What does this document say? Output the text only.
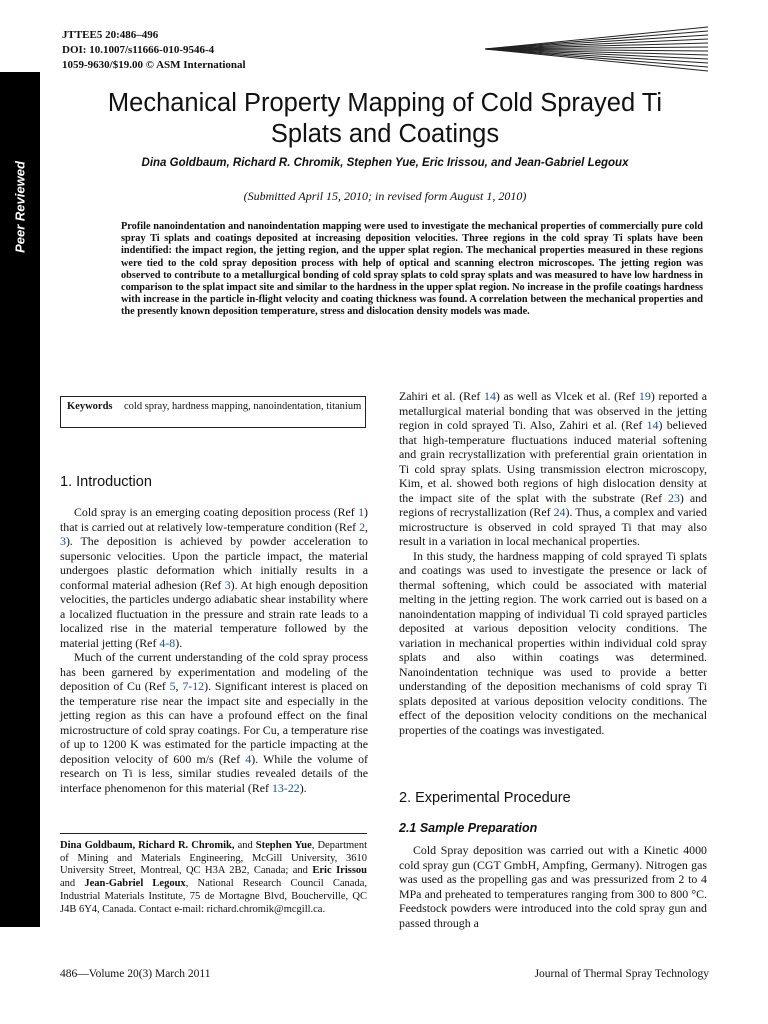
Peer Reviewed
JTTEE5 20:486–496
DOI: 10.1007/s11666-010-9546-4
1059-9630/$19.00 © ASM International
Mechanical Property Mapping of Cold Sprayed Ti Splats and Coatings
Dina Goldbaum, Richard R. Chromik, Stephen Yue, Eric Irissou, and Jean-Gabriel Legoux
(Submitted April 15, 2010; in revised form August 1, 2010)

Profile nanoindentation and nanoindentation mapping were used to investigate the mechanical properties of commercially pure cold spray Ti splats and coatings deposited at increasing deposition velocities. Three regions in the cold spray Ti splats have been indentified: the impact region, the jetting region, and the upper splat region. The mechanical properties measured in these regions were tied to the cold spray deposition process with help of optical and scanning electron microscopes. The jetting region was observed to contribute to a metallurgical bonding of cold spray splats to cold spray splats and was measured to have low hardness in comparison to the splat impact site and similar to the hardness in the upper splat region. No increase in the profile coatings hardness with increase in the particle in-flight velocity and coating thickness was found. A correlation between the mechanical properties and the presently known deposition temperature, stress and dislocation density models was made.

Keywords cold spray, hardness mapping, nanoindentation, titanium
1. Introduction

Cold spray is an emerging coating deposition process (Ref 1) that is carried out at relatively low-temperature condition (Ref 2, 3). The deposition is achieved by powder acceleration to supersonic velocities. Upon the particle impact, the material undergoes plastic deformation which initially results in a conformal material adhesion (Ref 3). At high enough deposition velocities, the particles undergo adiabatic shear instability where a localized fluctuation in the pressure and strain rate leads to a localized rise in the material temperature followed by the material jetting (Ref 4-8).

Much of the current understanding of the cold spray process has been garnered by experimentation and modeling of the deposition of Cu (Ref 5, 7-12). Significant interest is placed on the temperature rise near the impact site and especially in the jetting region as this can have a profound effect on the final microstructure of cold spray coatings. For Cu, a temperature rise of up to 1200 K was estimated for the particle impacting at the deposition velocity of 600 m/s (Ref 4). While the volume of research on Ti is less, similar studies revealed details of the interface phenomenon for this material (Ref 13-22).

Dina Goldbaum, Richard R. Chromik, and Stephen Yue, Department of Mining and Materials Engineering, McGill University, 3610 University Street, Montreal, QC H3A 2B2, Canada; and Eric Irissou and Jean-Gabriel Legoux, National Research Council Canada, Industrial Materials Institute, 75 de Mortagne Blvd, Boucherville, QC J4B 6Y4, Canada. Contact e-mail: richard.chromik@mcgill.ca.

Zahiri et al. (Ref 14) as well as Vlcek et al. (Ref 19) reported a metallurgical material bonding that was observed in the jetting region in cold sprayed Ti. Also, Zahiri et al. (Ref 14) believed that high-temperature fluctuations induced material softening and grain recrystallization with preferential grain orientation in Ti cold spray splats. Using transmission electron microscopy, Kim, et al. showed both regions of high dislocation density at the impact site of the splat with the substrate (Ref 23) and regions of recrystallization (Ref 24). Thus, a complex and varied microstructure is observed in cold sprayed Ti that may also result in a variation in local mechanical properties.

In this study, the hardness mapping of cold sprayed Ti splats and coatings was used to investigate the presence or lack of thermal softening, which could be associated with material melting in the jetting region. The work carried out is based on a nanoindentation mapping of individual Ti cold sprayed particles deposited at various deposition velocity conditions. The variation in mechanical properties within individual cold spray splats and also within coatings was determined. Nanoindentation technique was used to provide a better understanding of the deposition mechanisms of cold spray Ti splats deposited at various deposition velocity conditions. The effect of the deposition velocity conditions on the mechanical properties of the coatings was investigated.

2. Experimental Procedure
2.1 Sample Preparation

Cold Spray deposition was carried out with a Kinetic 4000 cold spray gun (CGT GmbH, Ampfing, Germany). Nitrogen gas was used as the propelling gas and was pressurized from 2 to 4 MPa and preheated to temperatures ranging from 300 to 800 °C. Feedstock powders were introduced into the cold spray gun and passed through a

486—Volume 20(3) March 2011	Journal of Thermal Spray Technology
